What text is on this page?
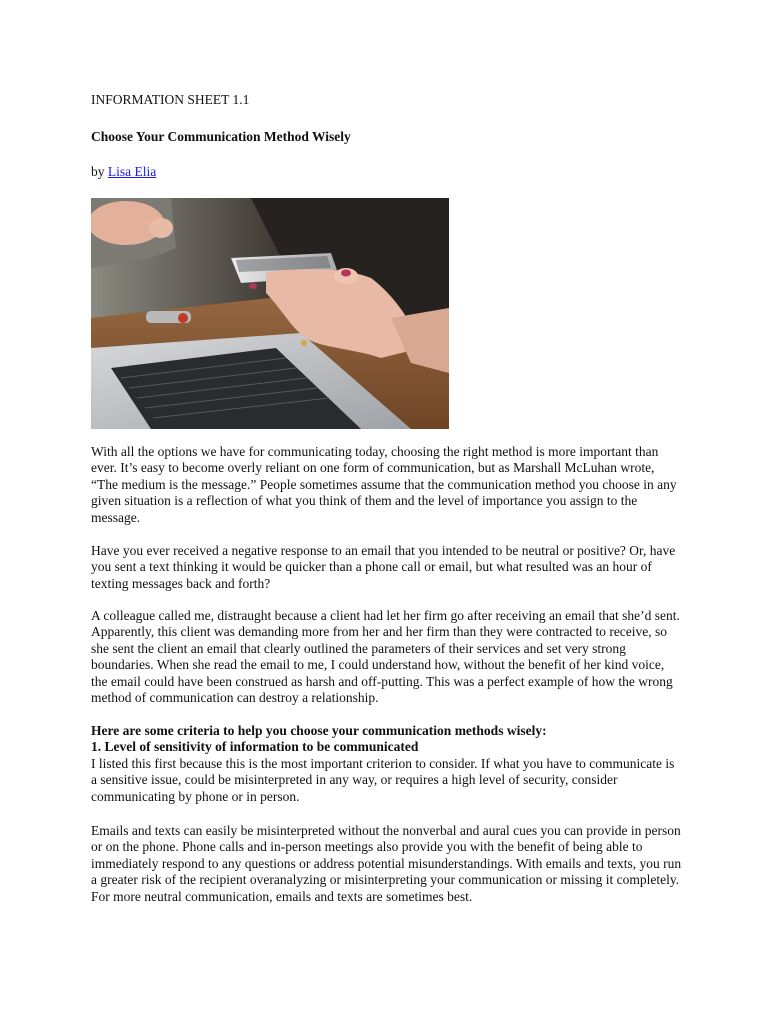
INFORMATION SHEET 1.1
Choose Your Communication Method Wisely
by Lisa Elia
With all the options we have for communicating today, choosing the right method is more important than ever. It’s easy to become overly reliant on one form of communication, but as Marshall McLuhan wrote, “The medium is the message.” People sometimes assume that the communication method you choose in any given situation is a reflection of what you think of them and the level of importance you assign to the message.
Have you ever received a negative response to an email that you intended to be neutral or positive? Or, have you sent a text thinking it would be quicker than a phone call or email, but what resulted was an hour of texting messages back and forth?
A colleague called me, distraught because a client had let her firm go after receiving an email that she’d sent. Apparently, this client was demanding more from her and her firm than they were contracted to receive, so she sent the client an email that clearly outlined the parameters of their services and set very strong boundaries. When she read the email to me, I could understand how, without the benefit of her kind voice, the email could have been construed as harsh and off-putting. This was a perfect example of how the wrong method of communication can destroy a relationship.

Here are some criteria to help you choose your communication methods wisely:

1. Level of sensitivity of information to be communicated

I listed this first because this is the most important criterion to consider. If what you have to communicate is a sensitive issue, could be misinterpreted in any way, or requires a high level of security, consider communicating by phone or in person.

Emails and texts can easily be misinterpreted without the nonverbal and aural cues you can provide in person or on the phone. Phone calls and in-person meetings also provide you with the benefit of being able to immediately respond to any questions or address potential misunderstandings. With emails and texts, you run a greater risk of the recipient overanalyzing or misinterpreting your communication or missing it completely.

For more neutral communication, emails and texts are sometimes best.
